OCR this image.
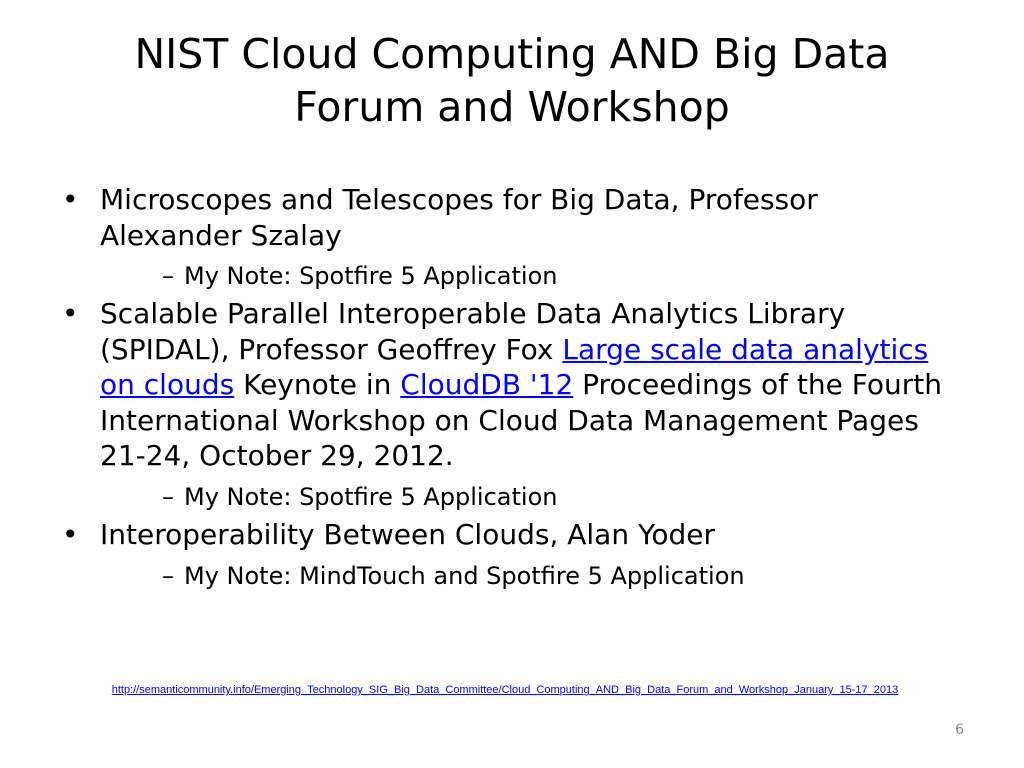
NIST Cloud Computing AND Big Data
Forum and Workshop
• Microscopes and Telescopes for Big Data, Professor Alexander Szalay
– My Note: Spotfire 5 Application
• Scalable Parallel Interoperable Data Analytics Library (SPIDAL), Professor Geoffrey Fox Large scale data analytics on clouds Keynote in CloudDB '12 Proceedings of the Fourth International Workshop on Cloud Data Management Pages 21-24, October 29, 2012.
– My Note: Spotfire 5 Application
• Interoperability Between Clouds, Alan Yoder
– My Note: MindTouch and Spotfire 5 Application
http://semanticommunity.info/Emerging_Technology_SIG_Big_Data_Committee/Cloud_Computing_AND_Big_Data_Forum_and_Workshop_January_15-17_2013
6
